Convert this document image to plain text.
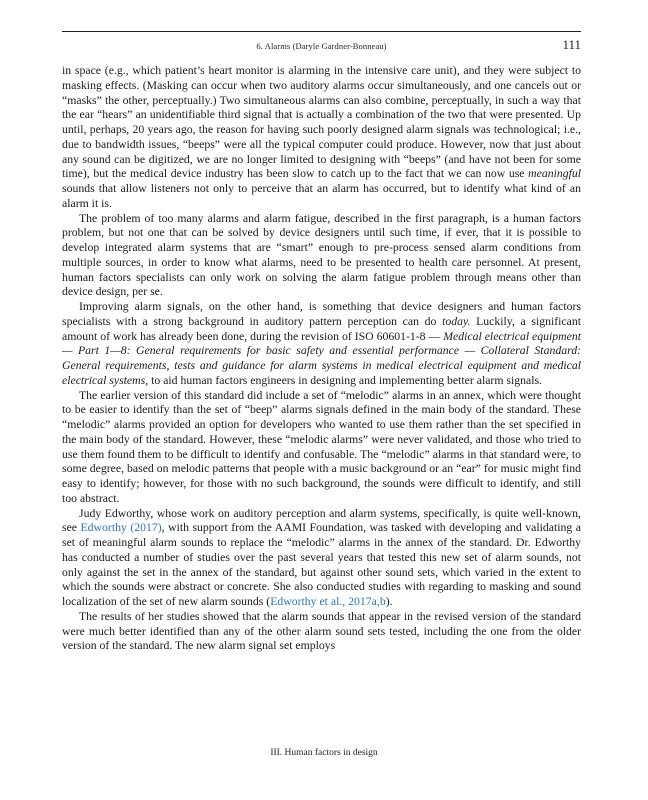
6. Alarms (Daryle Gardner-Bonneau)	111

in space (e.g., which patient’s heart monitor is alarming in the intensive care unit), and they were subject to masking effects. (Masking can occur when two auditory alarms occur simultaneously, and one cancels out or “masks” the other, perceptually.) Two simultaneous alarms can also combine, perceptually, in such a way that the ear “hears” an unidentifiable third signal that is actually a combination of the two that were presented. Up until, perhaps, 20 years ago, the reason for having such poorly designed alarm signals was technological; i.e., due to bandwidth issues, “beeps” were all the typical computer could produce. However, now that just about any sound can be digitized, we are no longer limited to designing with “beeps” (and have not been for some time), but the medical device industry has been slow to catch up to the fact that we can now use meaningful sounds that allow listeners not only to perceive that an alarm has occurred, but to identify what kind of an alarm it is.

The problem of too many alarms and alarm fatigue, described in the first paragraph, is a human factors problem, but not one that can be solved by device designers until such time, if ever, that it is possible to develop integrated alarm systems that are “smart” enough to pre-process sensed alarm conditions from multiple sources, in order to know what alarms, need to be presented to health care personnel. At present, human factors specialists can only work on solving the alarm fatigue problem through means other than device design, per se.

Improving alarm signals, on the other hand, is something that device designers and human factors specialists with a strong background in auditory pattern perception can do today. Luckily, a significant amount of work has already been done, during the revision of ISO 60601-1-8 — Medical electrical equipment — Part 1—8: General requirements for basic safety and essential performance — Collateral Standard: General requirements, tests and guidance for alarm systems in medical electrical equipment and medical electrical systems, to aid human factors engineers in designing and implementing better alarm signals.

The earlier version of this standard did include a set of “melodic” alarms in an annex, which were thought to be easier to identify than the set of “beep” alarms signals defined in the main body of the standard. These “melodic” alarms provided an option for developers who wanted to use them rather than the set specified in the main body of the standard. However, these “melodic alarms” were never validated, and those who tried to use them found them to be difficult to identify and confusable. The “melodic” alarms in that standard were, to some degree, based on melodic patterns that people with a music background or an “ear” for music might find easy to identify; however, for those with no such background, the sounds were difficult to identify, and still too abstract.

Judy Edworthy, whose work on auditory perception and alarm systems, specifically, is quite well-known, see Edworthy (2017), with support from the AAMI Foundation, was tasked with developing and validating a set of meaningful alarm sounds to replace the “melodic” alarms in the annex of the standard. Dr. Edworthy has conducted a number of studies over the past several years that tested this new set of alarm sounds, not only against the set in the annex of the standard, but against other sound sets, which varied in the extent to which the sounds were abstract or concrete. She also conducted studies with regarding to masking and sound localization of the set of new alarm sounds (Edworthy et al., 2017a,b).

The results of her studies showed that the alarm sounds that appear in the revised version of the standard were much better identified than any of the other alarm sound sets tested, including the one from the older version of the standard. The new alarm signal set employs

III. Human factors in design
